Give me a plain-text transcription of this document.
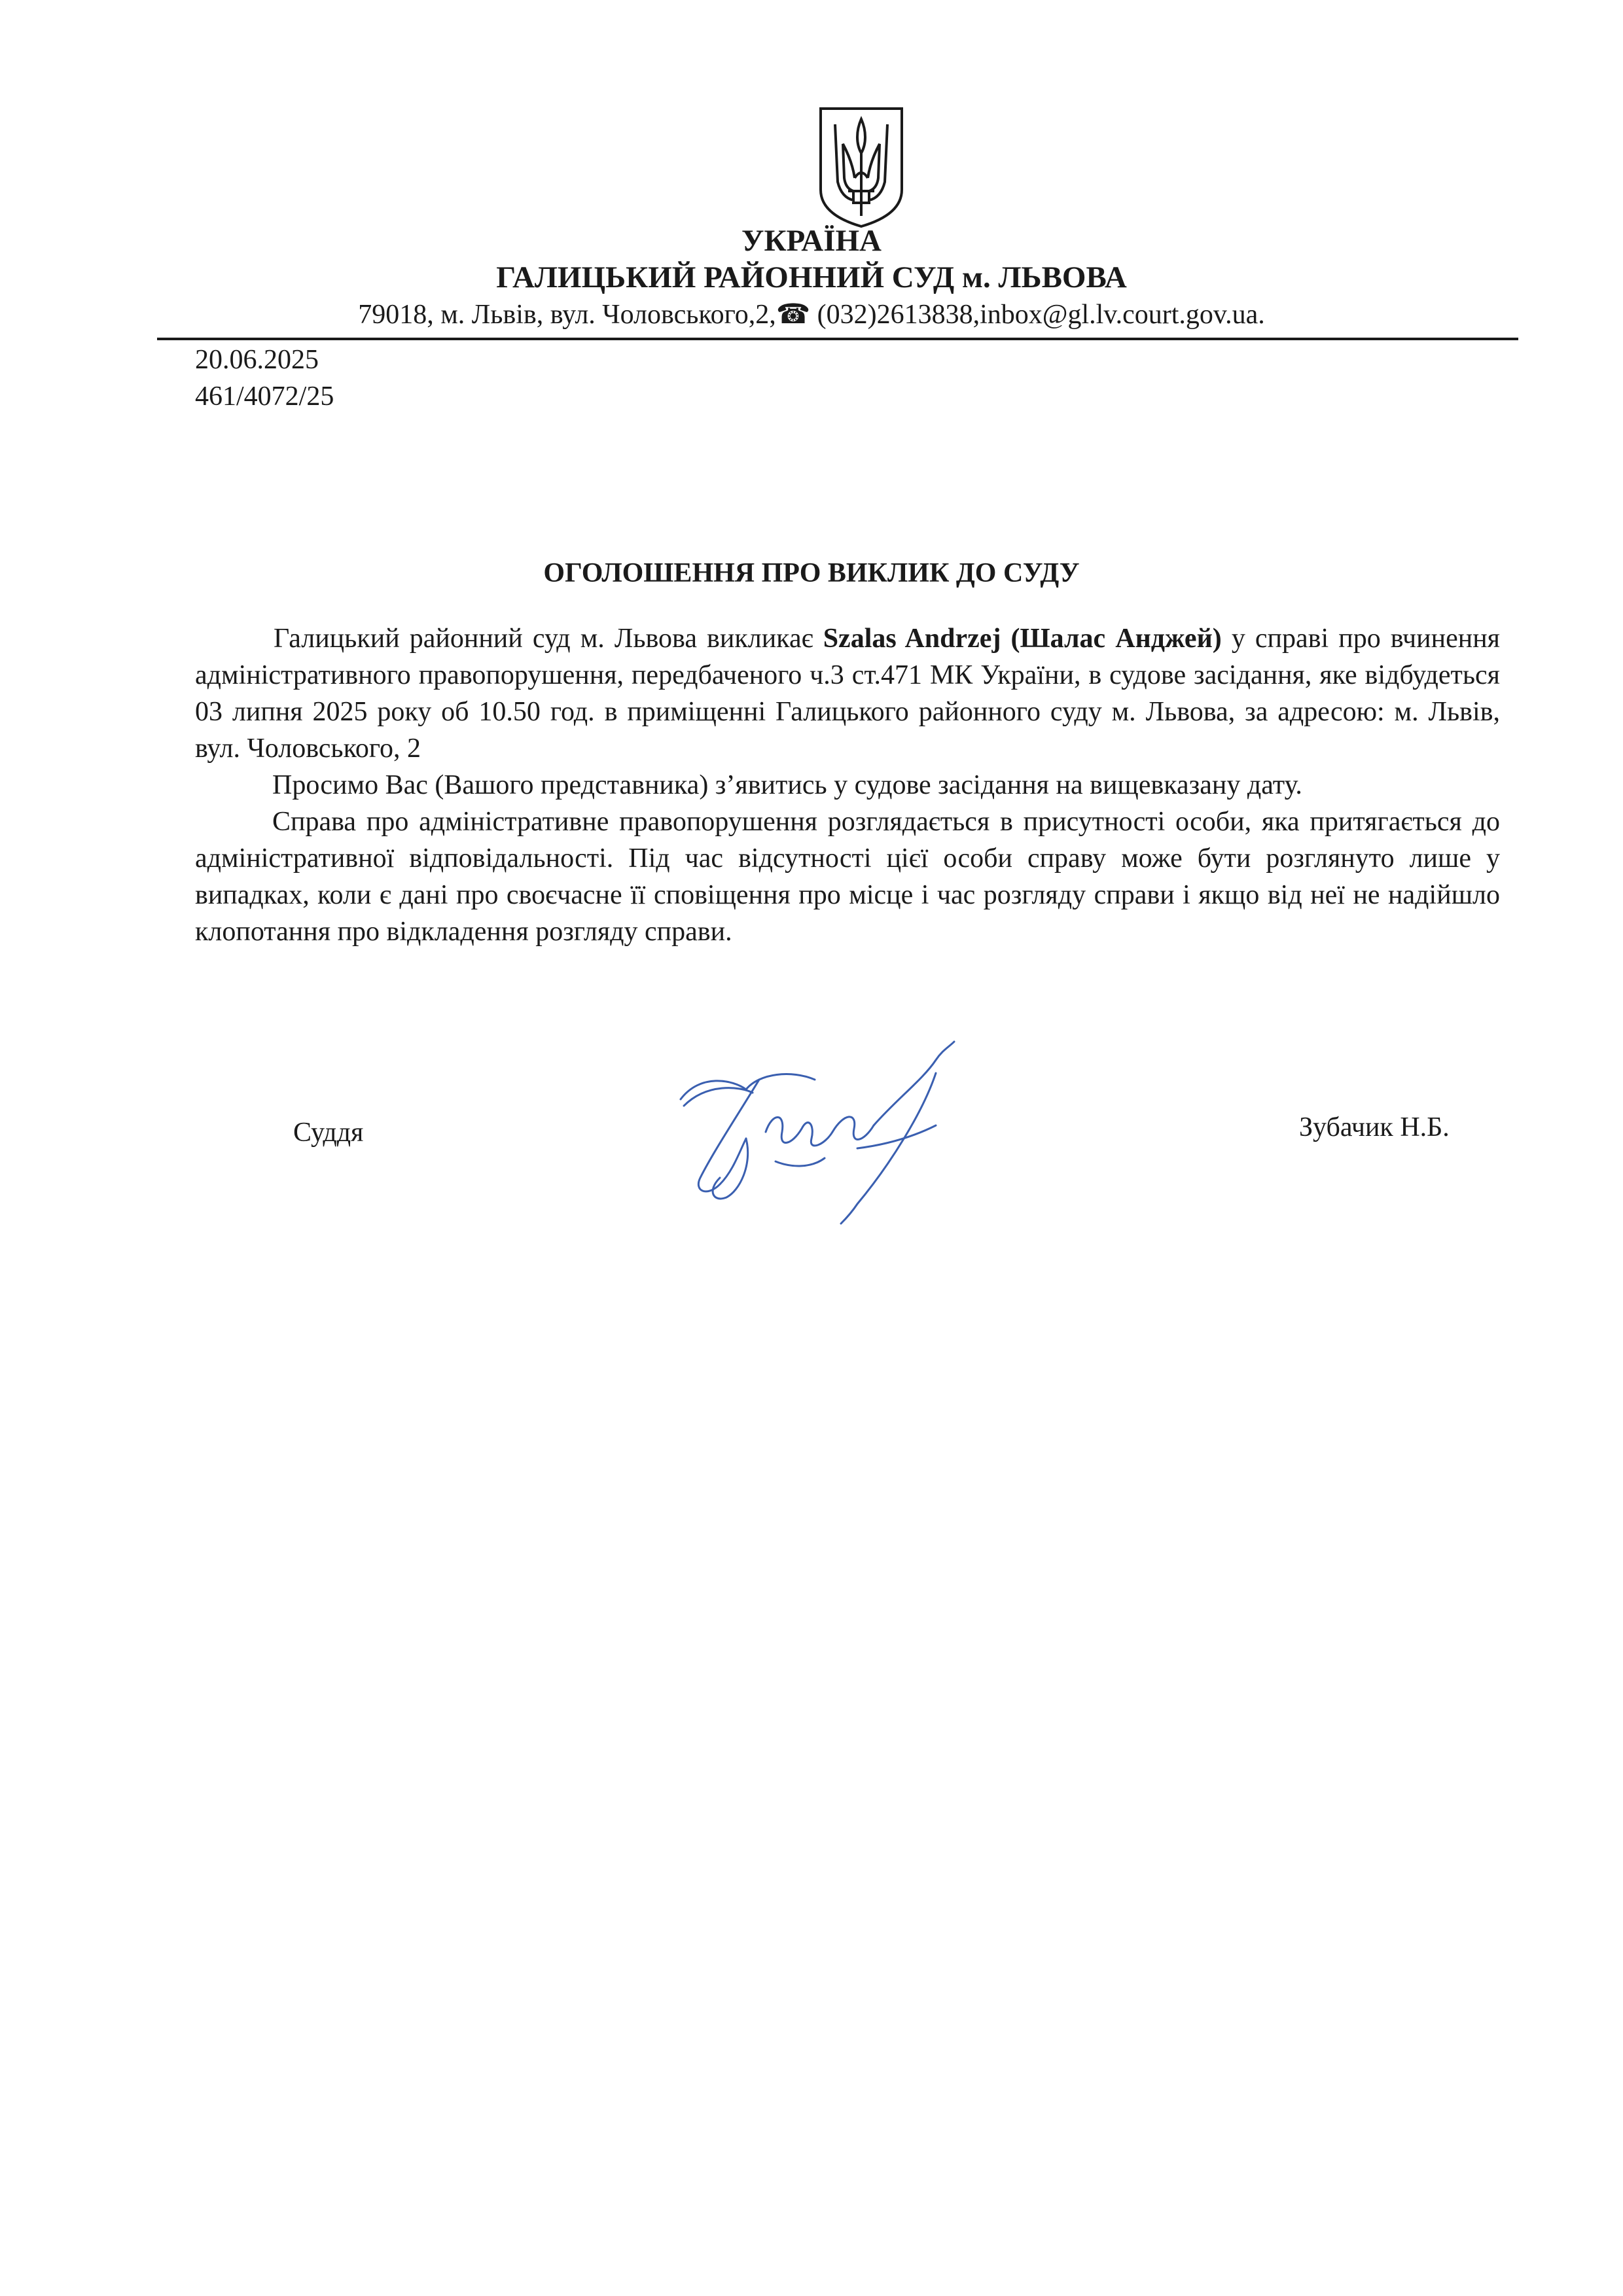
УКРАЇНА
ГАЛИЦЬКИЙ РАЙОННИЙ СУД м. ЛЬВОВА
79018, м. Львів, вул. Чоловського,2,☎ (032)2613838,inbox@gl.lv.court.gov.ua.
20.06.2025
461/4072/25
ОГОЛОШЕННЯ ПРО ВИКЛИК ДО СУДУ

Галицький районний суд м. Львова викликає Szalas Andrzej (Шалас Анджей) у справі про вчинення адміністративного правопорушення, передбаченого ч.3 ст.471 МК України, в судове засідання, яке відбудеться 03 липня 2025 року об 10.50 год. в приміщенні Галицького районного суду м. Львова, за адресою: м. Львів, вул. Чоловського, 2

Просимо Вас (Вашого представника) з’явитись у судове засідання на вищевказану дату.

Справа про адміністративне правопорушення розглядається в присутності особи, яка притягається до адміністративної відповідальності. Під час відсутності цієї особи справу може бути розглянуто лише у випадках, коли є дані про своєчасне її сповіщення про місце і час розгляду справи і якщо від неї не надійшло клопотання про відкладення розгляду справи.

Суддя	Зубачик Н.Б.
